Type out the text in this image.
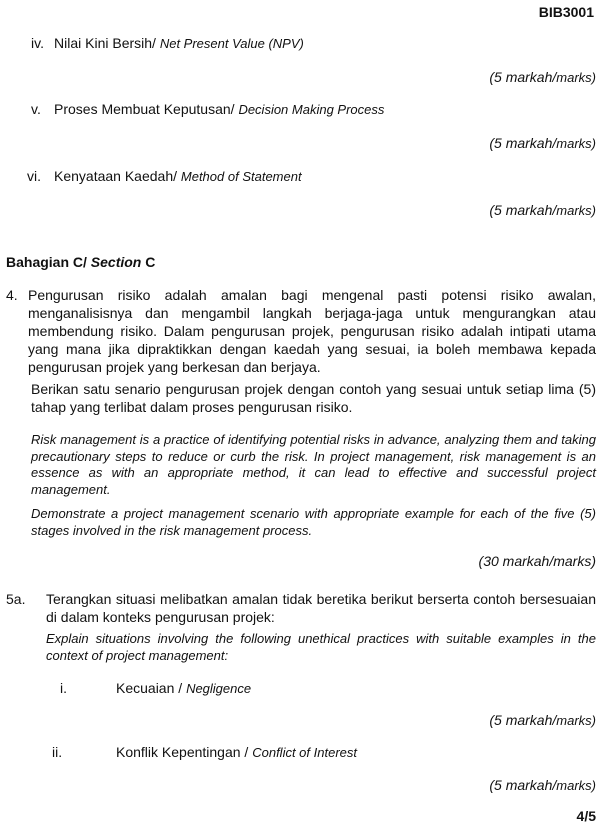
BIB3001
iv. Nilai Kini Bersih/ Net Present Value (NPV)
(5 markah/marks)
v. Proses Membuat Keputusan/ Decision Making Process
(5 markah/marks)
vi. Kenyataan Kaedah/ Method of Statement
(5 markah/marks)
Bahagian C/ Section C
4. Pengurusan risiko adalah amalan bagi mengenal pasti potensi risiko awalan, menganalisisnya dan mengambil langkah berjaga-jaga untuk mengurangkan atau membendung risiko. Dalam pengurusan projek, pengurusan risiko adalah intipati utama yang mana jika dipraktikkan dengan kaedah yang sesuai, ia boleh membawa kepada pengurusan projek yang berkesan dan berjaya.
Berikan satu senario pengurusan projek dengan contoh yang sesuai untuk setiap lima (5) tahap yang terlibat dalam proses pengurusan risiko.
Risk management is a practice of identifying potential risks in advance, analyzing them and taking precautionary steps to reduce or curb the risk. In project management, risk management is an essence as with an appropriate method, it can lead to effective and successful project management.
Demonstrate a project management scenario with appropriate example for each of the five (5) stages involved in the risk management process.
(30 markah/marks)
5a. Terangkan situasi melibatkan amalan tidak beretika berikut berserta contoh bersesuaian di dalam konteks pengurusan projek:
Explain situations involving the following unethical practices with suitable examples in the context of project management:
i.	Kecuaian / Negligence
(5 markah/marks)
ii.	Konflik Kepentingan / Conflict of Interest
(5 markah/marks)
4/5
